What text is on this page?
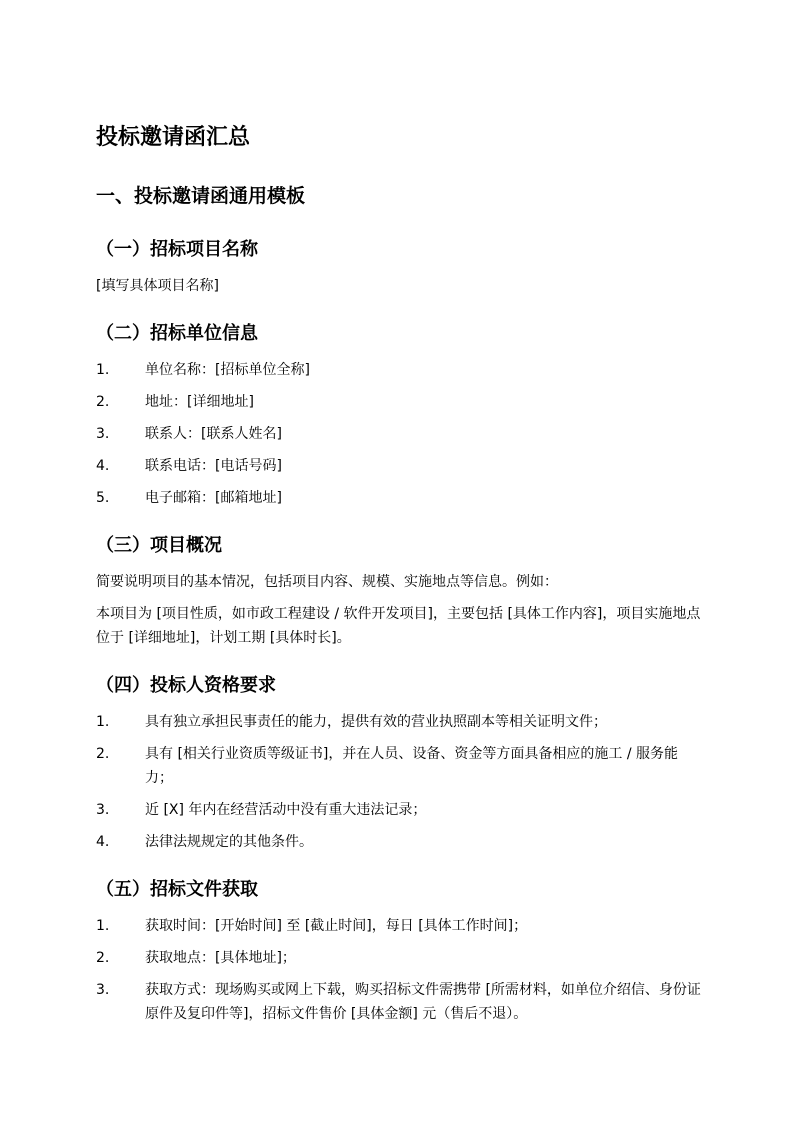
投标邀请函汇总
一、投标邀请函通用模板
（一）招标项目名称

[填写具体项目名称]

（二）招标单位信息
1.	单位名称：[招标单位全称]
2.	地址：[详细地址]
3.	联系人：[联系人姓名]
4.	联系电话：[电话号码]
5.	电子邮箱：[邮箱地址]
（三）项目概况

简要说明项目的基本情况，包括项目内容、规模、实施地点等信息。例如：

本项目为 [项目性质，如市政工程建设 / 软件开发项目]，主要包括 [具体工作内容]，项目实施地点位于 [详细地址]，计划工期 [具体时长]。

（四）投标人资格要求
1.	具有独立承担民事责任的能力，提供有效的营业执照副本等相关证明文件；
2.	具有 [相关行业资质等级证书]，并在人员、设备、资金等方面具备相应的施工 / 服务能力；
3.	近 [X] 年内在经营活动中没有重大违法记录；
4.	法律法规规定的其他条件。
（五）招标文件获取
1.	获取时间：[开始时间] 至 [截止时间]，每日 [具体工作时间]；
2.	获取地点：[具体地址]；
3.	获取方式：现场购买或网上下载，购买招标文件需携带 [所需材料，如单位介绍信、身份证原件及复印件等]，招标文件售价 [具体金额] 元（售后不退）。
